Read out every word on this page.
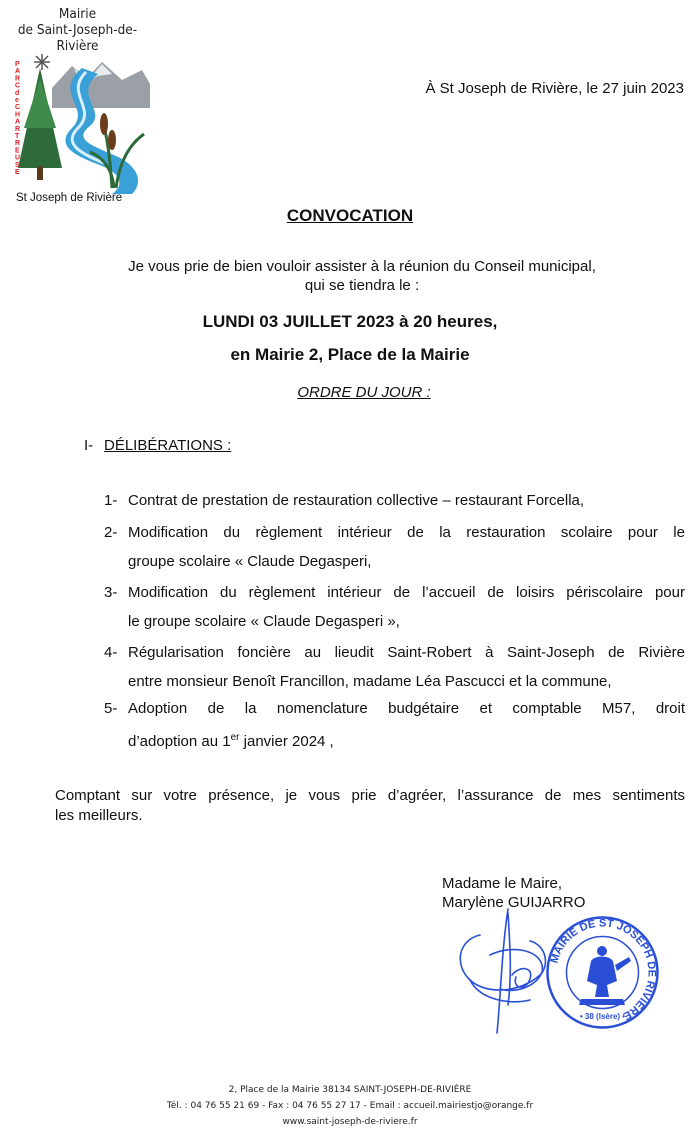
Mairie
de Saint-Joseph-de-Rivière
P A R C d e C H A R T R E U S E
St Joseph de Rivière
À St Joseph de Rivière, le 27 juin 2023
CONVOCATION
Je vous prie de bien vouloir assister à la réunion du Conseil municipal,
qui se tiendra le :
LUNDI 03 JUILLET 2023 à 20 heures,
en Mairie 2, Place de la Mairie
ORDRE DU JOUR :
I- DÉLIBÉRATIONS :
1- Contrat de prestation de restauration collective – restaurant Forcella,
2- Modification du règlement intérieur de la restauration scolaire pour le
groupe scolaire « Claude Degasperi,
3- Modification du règlement intérieur de l’accueil de loisirs périscolaire pour
le groupe scolaire « Claude Degasperi »,
4- Régularisation foncière au lieudit Saint-Robert à Saint-Joseph de Rivière
entre monsieur Benoît Francillon, madame Léa Pascucci et la commune,
5- Adoption de la nomenclature budgétaire et comptable M57, droit
d’adoption au 1er janvier 2024 ,
Comptant sur votre présence, je vous prie d’agréer, l’assurance de mes sentiments
les meilleurs.
Madame le Maire,
Marylène GUIJARRO
MAIRIE DE ST JOSEPH DE RIVIÈRE
• 38 (Isère) •
2, Place de la Mairie 38134 SAINT-JOSEPH-DE-RIVIÈRE
Tél. : 04 76 55 21 69 - Fax : 04 76 55 27 17 - Email : accueil.mairiestjo@orange.fr
www.saint-joseph-de-riviere.fr
